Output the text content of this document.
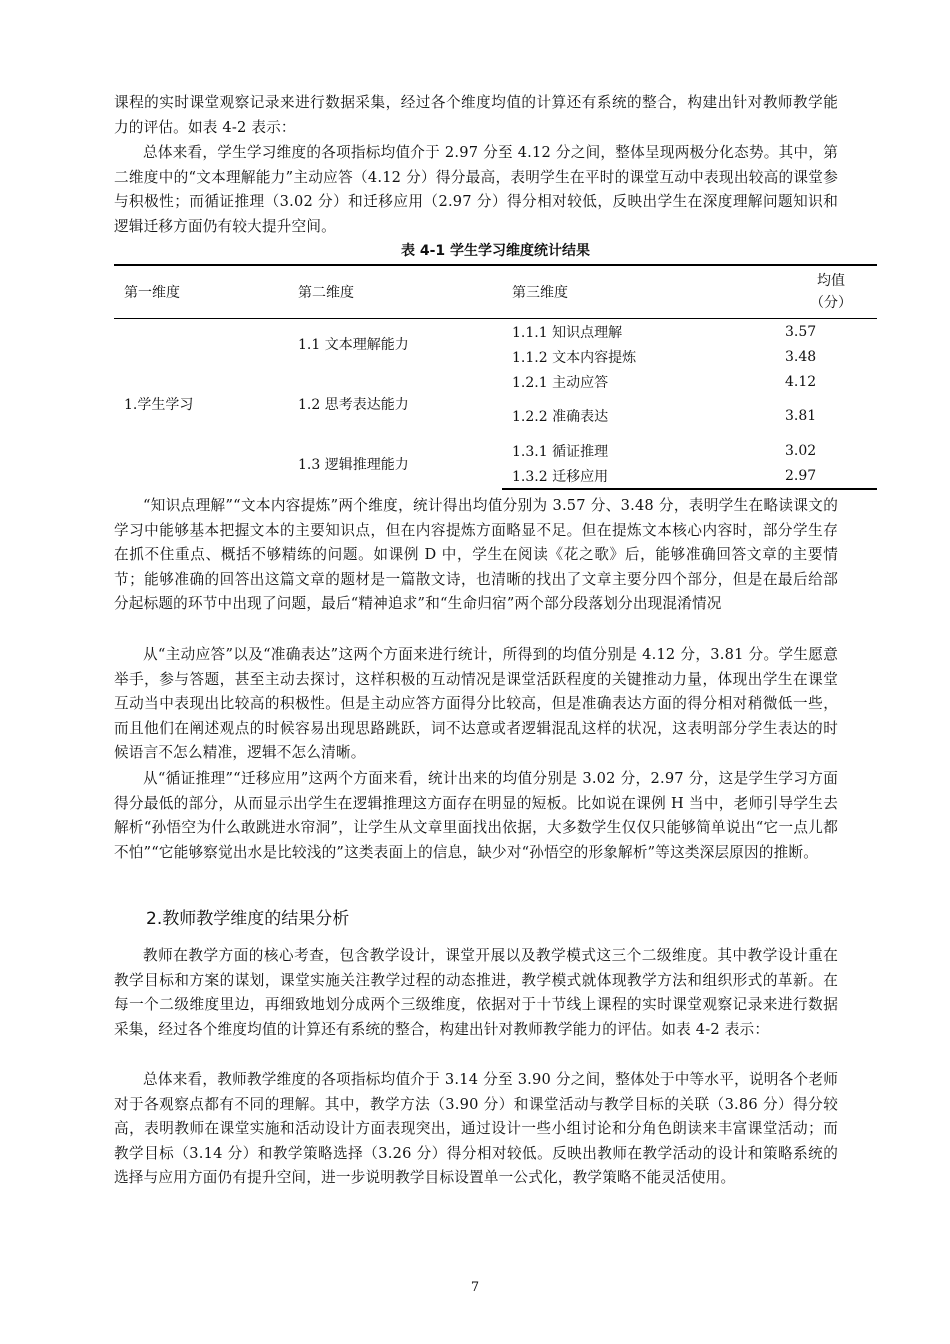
课程的实时课堂观察记录来进行数据采集，经过各个维度均值的计算还有系统的整合，构建出针对教师教学能力的评估。如表 4-2 表示：

总体来看，学生学习维度的各项指标均值介于 2.97 分至 4.12 分之间，整体呈现两极分化态势。其中，第二维度中的“文本理解能力”主动应答（4.12 分）得分最高，表明学生在平时的课堂互动中表现出较高的课堂参与积极性；而循证推理（3.02 分）和迁移应用（2.97 分）得分相对较低，反映出学生在深度理解问题知识和逻辑迁移方面仍有较大提升空间。

表 4-1 学生学习维度统计结果
第一维度	第二维度	第三维度	均值
（分）

1.学生学习	1.1 文本理解能力	1.1.1 知识点理解	3.57
		1.1.2 文本内容提炼	3.48
	1.2 思考表达能力	1.2.1 主动应答	4.12
		1.2.2 准确表达	3.81
	1.3 逻辑推理能力	1.3.1 循证推理	3.02
		1.3.2 迁移应用	2.97

“知识点理解”“文本内容提炼”两个维度，统计得出均值分别为 3.57 分、3.48 分，表明学生在略读课文的学习中能够基本把握文本的主要知识点，但在内容提炼方面略显不足。但在提炼文本核心内容时，部分学生存在抓不住重点、概括不够精练的问题。如课例 D 中，学生在阅读《花之歌》后，能够准确回答文章的主要情节；能够准确的回答出这篇文章的题材是一篇散文诗，也清晰的找出了文章主要分四个部分，但是在最后给部分起标题的环节中出现了问题，最后“精神追求”和“生命归宿”两个部分段落划分出现混淆情况

从“主动应答”以及“准确表达”这两个方面来进行统计，所得到的均值分别是 4.12 分，3.81 分。学生愿意举手，参与答题，甚至主动去探讨，这样积极的互动情况是课堂活跃程度的关键推动力量，体现出学生在课堂互动当中表现出比较高的积极性。但是主动应答方面得分比较高，但是准确表达方面的得分相对稍微低一些，而且他们在阐述观点的时候容易出现思路跳跃，词不达意或者逻辑混乱这样的状况，这表明部分学生表达的时候语言不怎么精准，逻辑不怎么清晰。

从“循证推理”“迁移应用”这两个方面来看，统计出来的均值分别是 3.02 分，2.97 分，这是学生学习方面得分最低的部分，从而显示出学生在逻辑推理这方面存在明显的短板。比如说在课例 H 当中，老师引导学生去解析“孙悟空为什么敢跳进水帘洞”，让学生从文章里面找出依据，大多数学生仅仅只能够简单说出“它一点儿都不怕”“它能够察觉出水是比较浅的”这类表面上的信息，缺少对“孙悟空的形象解析”等这类深层原因的推断。

2.教师教学维度的结果分析

教师在教学方面的核心考查，包含教学设计，课堂开展以及教学模式这三个二级维度。其中教学设计重在教学目标和方案的谋划，课堂实施关注教学过程的动态推进，教学模式就体现教学方法和组织形式的革新。在每一个二级维度里边，再细致地划分成两个三级维度，依据对于十节线上课程的实时课堂观察记录来进行数据采集，经过各个维度均值的计算还有系统的整合，构建出针对教师教学能力的评估。如表 4-2 表示：

总体来看，教师教学维度的各项指标均值介于 3.14 分至 3.90 分之间，整体处于中等水平，说明各个老师对于各观察点都有不同的理解。其中，教学方法（3.90 分）和课堂活动与教学目标的关联（3.86 分）得分较高，表明教师在课堂实施和活动设计方面表现突出，通过设计一些小组讨论和分角色朗读来丰富课堂活动；而教学目标（3.14 分）和教学策略选择（3.26 分）得分相对较低。反映出教师在教学活动的设计和策略系统的选择与应用方面仍有提升空间，进一步说明教学目标设置单一公式化，教学策略不能灵活使用。

7
